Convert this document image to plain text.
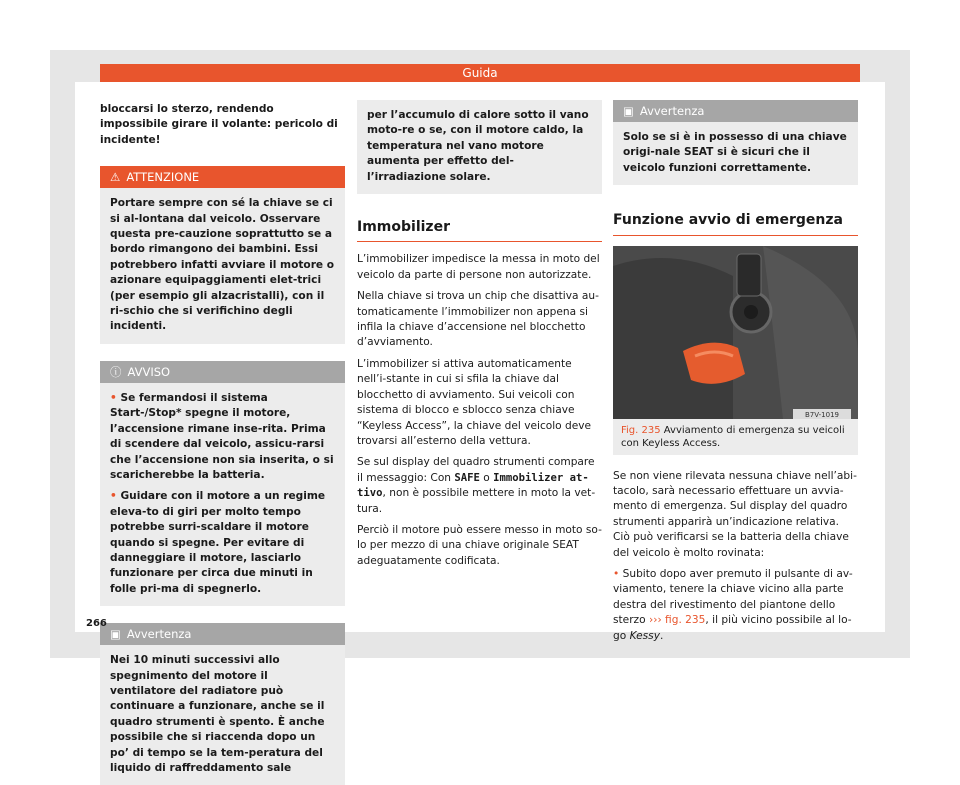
Guida

bloccarsi lo sterzo, rendendo impossibile girare il volante: pericolo di incidente!

⚠ ATTENZIONE

Portare sempre con sé la chiave se ci si al-lontana dal veicolo. Osservare questa pre-cauzione soprattutto se a bordo rimangono dei bambini. Essi potrebbero infatti avviare il motore o azionare equipaggiamenti elet-trici (per esempio gli alzacristalli), con il ri-schio che si verifichino degli incidenti.

ⓘ AVVISO

• Se fermandosi il sistema Start-/Stop* spegne il motore, l’accensione rimane inse-rita. Prima di scendere dal veicolo, assicu-rarsi che l’accensione non sia inserita, o si scaricherebbe la batteria.

• Guidare con il motore a un regime eleva-to di giri per molto tempo potrebbe surri-scaldare il motore quando si spegne. Per evitare di danneggiare il motore, lasciarlo funzionare per circa due minuti in folle pri-ma di spegnerlo.

▣ Avvertenza

Nei 10 minuti successivi allo spegnimento del motore il ventilatore del radiatore può continuare a funzionare, anche se il quadro strumenti è spento. È anche possibile che si riaccenda dopo un po’ di tempo se la tem-peratura del liquido di raffreddamento sale

per l’accumulo di calore sotto il vano moto-re o se, con il motore caldo, la temperatura nel vano motore aumenta per effetto del-l’irradiazione solare.

Immobilizer

L’immobilizer impedisce la messa in moto del veicolo da parte di persone non autorizzate.

Nella chiave si trova un chip che disattiva au-tomaticamente l’immobilizer non appena si infila la chiave d’accensione nel blocchetto d’avviamento.

L’immobilizer si attiva automaticamente nell’i-stante in cui si sfila la chiave dal blocchetto di avviamento. Sui veicoli con sistema di blocco e sblocco senza chiave “Keyless Access”, la chiave del veicolo deve trovarsi all’esterno della vettura.

Se sul display del quadro strumenti compare il messaggio: Con SAFE o Immobilizer at-tivo, non è possibile mettere in moto la vet-tura.

Perciò il motore può essere messo in moto so-lo per mezzo di una chiave originale SEAT adeguatamente codificata.

▣ Avvertenza

Solo se si è in possesso di una chiave origi-nale SEAT si è sicuri che il veicolo funzioni correttamente.

Funzione avvio di emergenza
B7V-1019
Fig. 235 Avviamento di emergenza su veicoli con Keyless Access.

Se non viene rilevata nessuna chiave nell’abi-tacolo, sarà necessario effettuare un avvia-mento di emergenza. Sul display del quadro strumenti apparirà un’indicazione relativa. Ciò può verificarsi se la batteria della chiave del veicolo è molto rovinata:

• Subito dopo aver premuto il pulsante di av-viamento, tenere la chiave vicino alla parte destra del rivestimento del piantone dello sterzo ››› fig. 235, il più vicino possibile al lo-go Kessy.

266
